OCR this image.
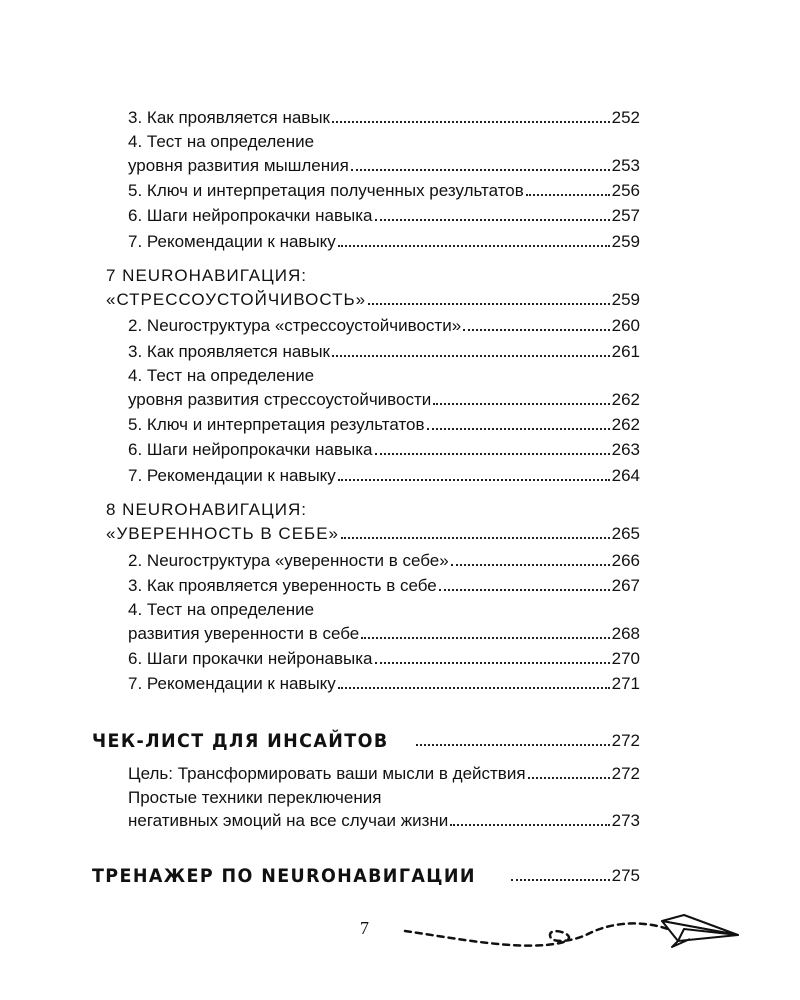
3. Как проявляется навык	252
4. Тест на определение
уровня развития мышления	253
5. Ключ и интерпретация полученных результатов	256
6. Шаги нейропрокачки навыка	257
7. Рекомендации к навыку	259
7 NEUROНАВИГАЦИЯ:
«СТРЕССОУСТОЙЧИВОСТЬ»	259
2. Neuroструктура «стрессоустойчивости»	260
3. Как проявляется навык	261
4. Тест на определение
уровня развития стрессоустойчивости	262
5. Ключ и интерпретация результатов	262
6. Шаги нейропрокачки навыка	263
7. Рекомендации к навыку	264
8 NEUROНАВИГАЦИЯ:
«УВЕРЕННОСТЬ В СЕБЕ»	265
2. Neuroструктура «уверенности в себе»	266
3. Как проявляется уверенность в себе	267
4. Тест на определение
развития уверенности в себе	268
6. Шаги прокачки нейронавыка	270
7. Рекомендации к навыку	271
ЧЕК-ЛИСТ ДЛЯ ИНСАЙТОВ	272
Цель: Трансформировать ваши мысли в действия	272
Простые техники переключения
негативных эмоций на все случаи жизни	273
ТРЕНАЖЕР ПО NEUROНАВИГАЦИИ	275
7
